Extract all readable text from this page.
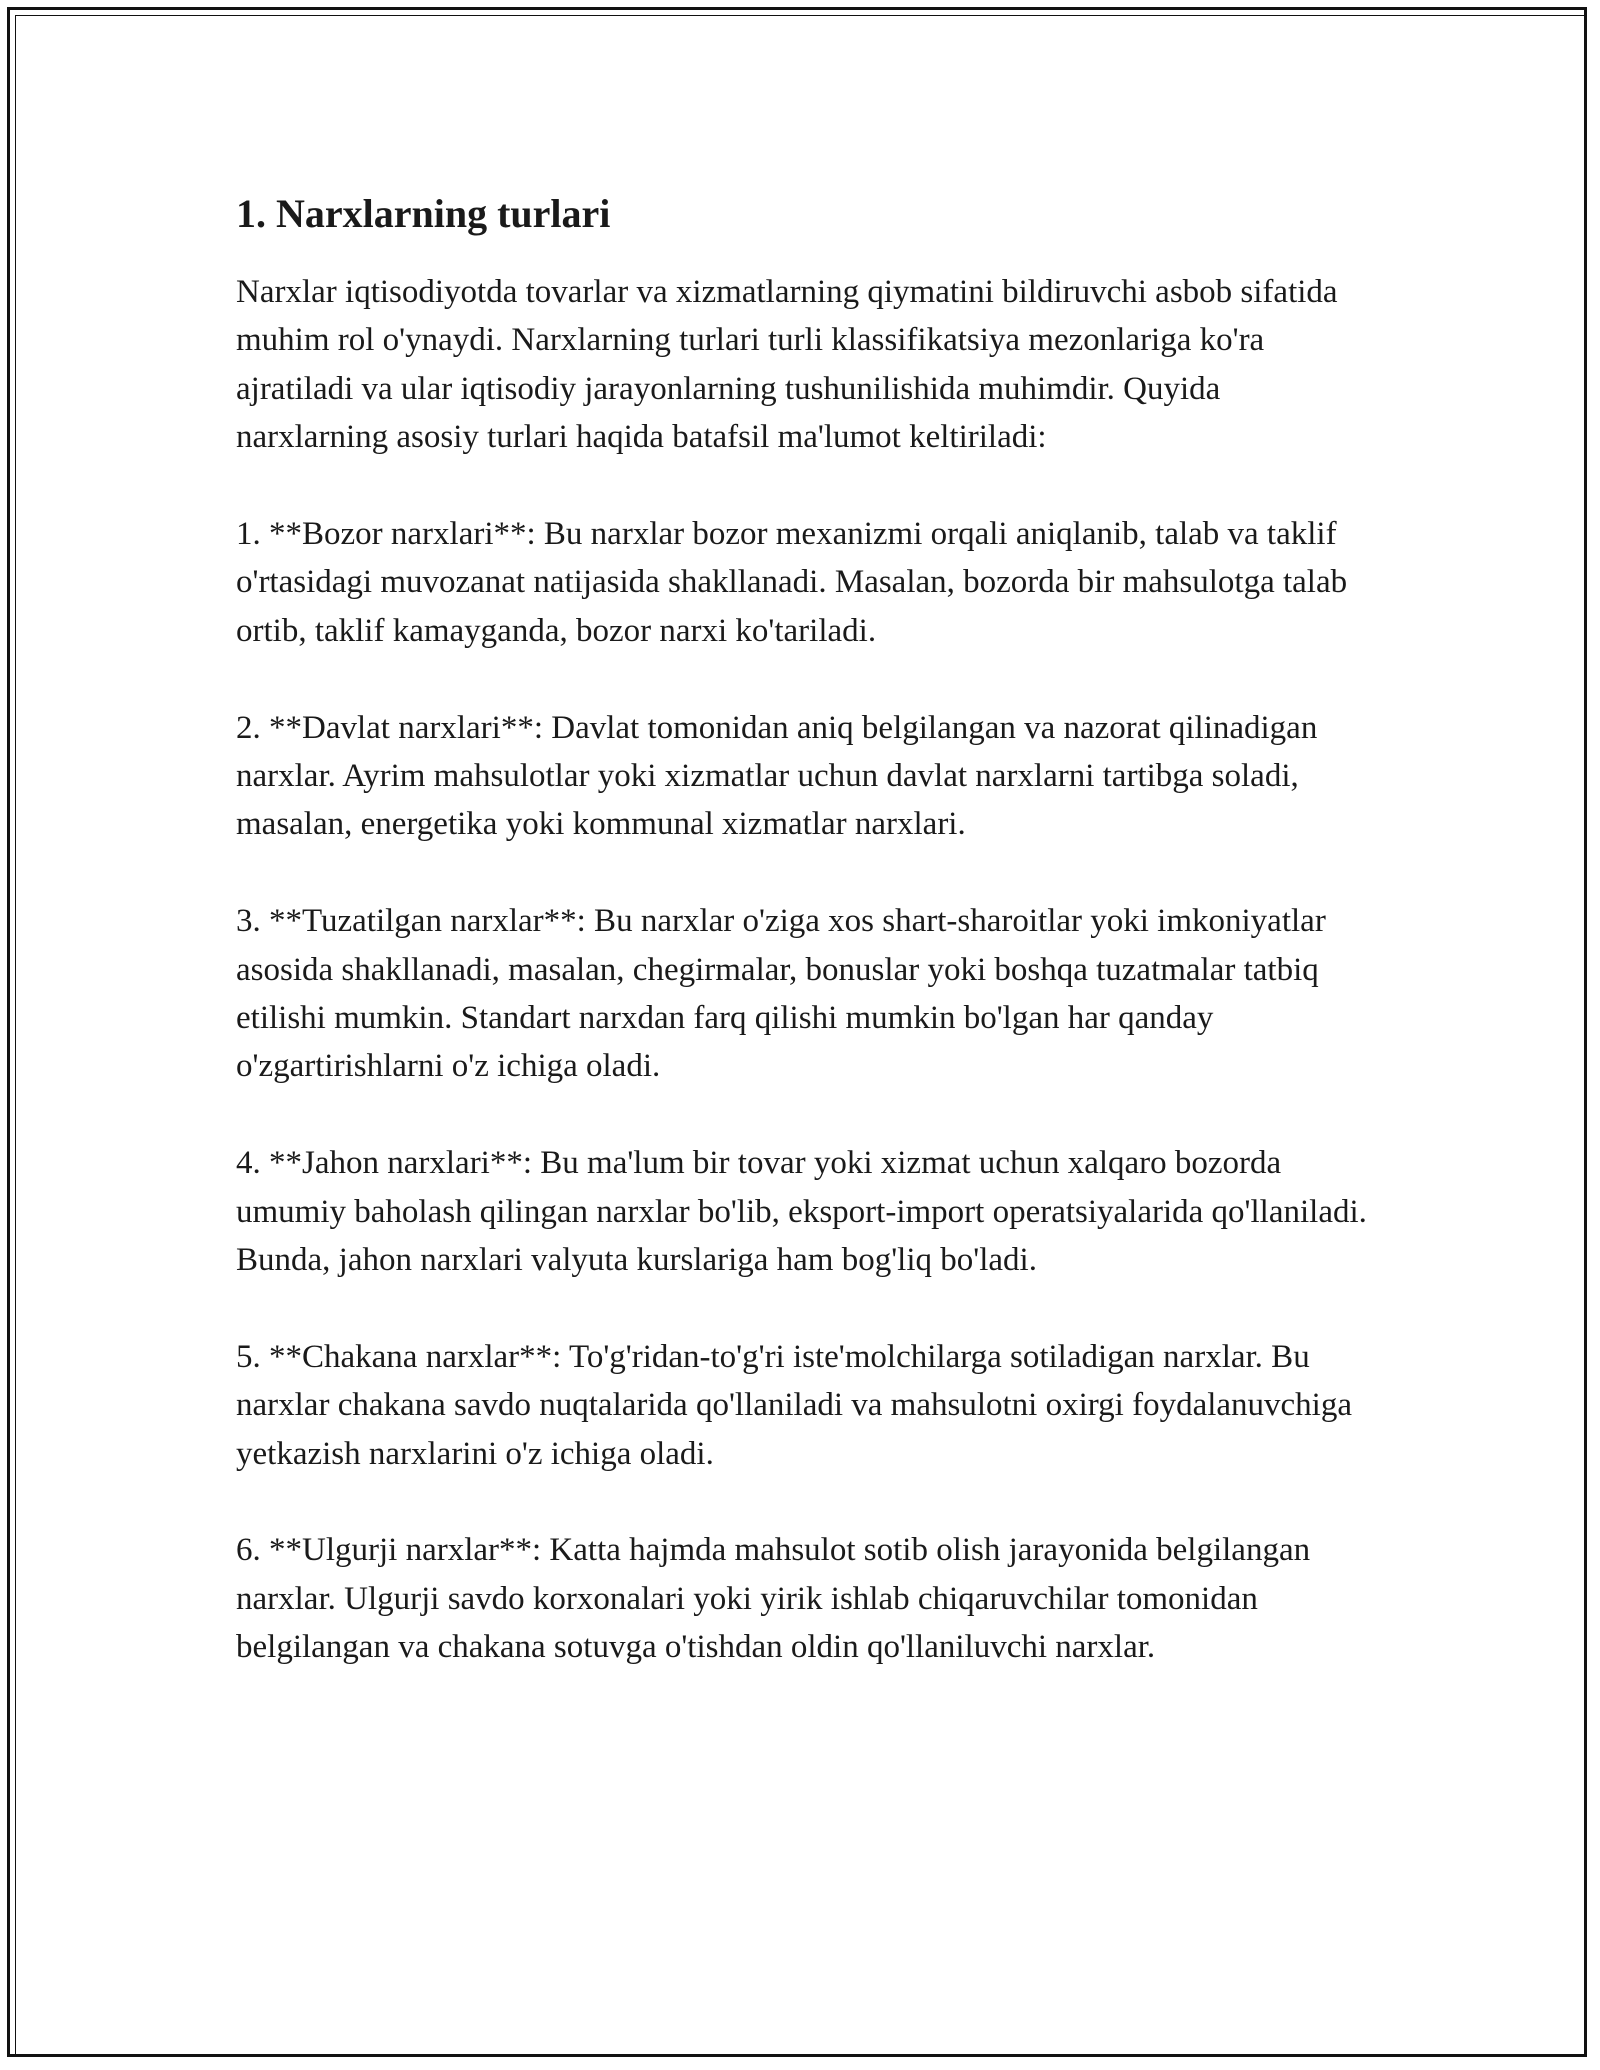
1. Narxlarning turlari

Narxlar iqtisodiyotda tovarlar va xizmatlarning qiymatini bildiruvchi asbob sifatida muhim rol o'ynaydi. Narxlarning turlari turli klassifikatsiya mezonlariga ko'ra ajratiladi va ular iqtisodiy jarayonlarning tushunilishida muhimdir. Quyida narxlarning asosiy turlari haqida batafsil ma'lumot keltiriladi:

1. **Bozor narxlari**: Bu narxlar bozor mexanizmi orqali aniqlanib, talab va taklif o'rtasidagi muvozanat natijasida shakllanadi. Masalan, bozorda bir mahsulotga talab ortib, taklif kamayganda, bozor narxi ko'tariladi.

2. **Davlat narxlari**: Davlat tomonidan aniq belgilangan va nazorat qilinadigan narxlar. Ayrim mahsulotlar yoki xizmatlar uchun davlat narxlarni tartibga soladi, masalan, energetika yoki kommunal xizmatlar narxlari.

3. **Tuzatilgan narxlar**: Bu narxlar o'ziga xos shart-sharoitlar yoki imkoniyatlar asosida shakllanadi, masalan, chegirmalar, bonuslar yoki boshqa tuzatmalar tatbiq etilishi mumkin. Standart narxdan farq qilishi mumkin bo'lgan har qanday o'zgartirishlarni o'z ichiga oladi.

4. **Jahon narxlari**: Bu ma'lum bir tovar yoki xizmat uchun xalqaro bozorda umumiy baholash qilingan narxlar bo'lib, eksport-import operatsiyalarida qo'llaniladi. Bunda, jahon narxlari valyuta kurslariga ham bog'liq bo'ladi.

5. **Chakana narxlar**: To'g'ridan-to'g'ri iste'molchilarga sotiladigan narxlar. Bu narxlar chakana savdo nuqtalarida qo'llaniladi va mahsulotni oxirgi foydalanuvchiga yetkazish narxlarini o'z ichiga oladi.

6. **Ulgurji narxlar**: Katta hajmda mahsulot sotib olish jarayonida belgilangan narxlar. Ulgurji savdo korxonalari yoki yirik ishlab chiqaruvchilar tomonidan belgilangan va chakana sotuvga o'tishdan oldin qo'llaniluvchi narxlar.
